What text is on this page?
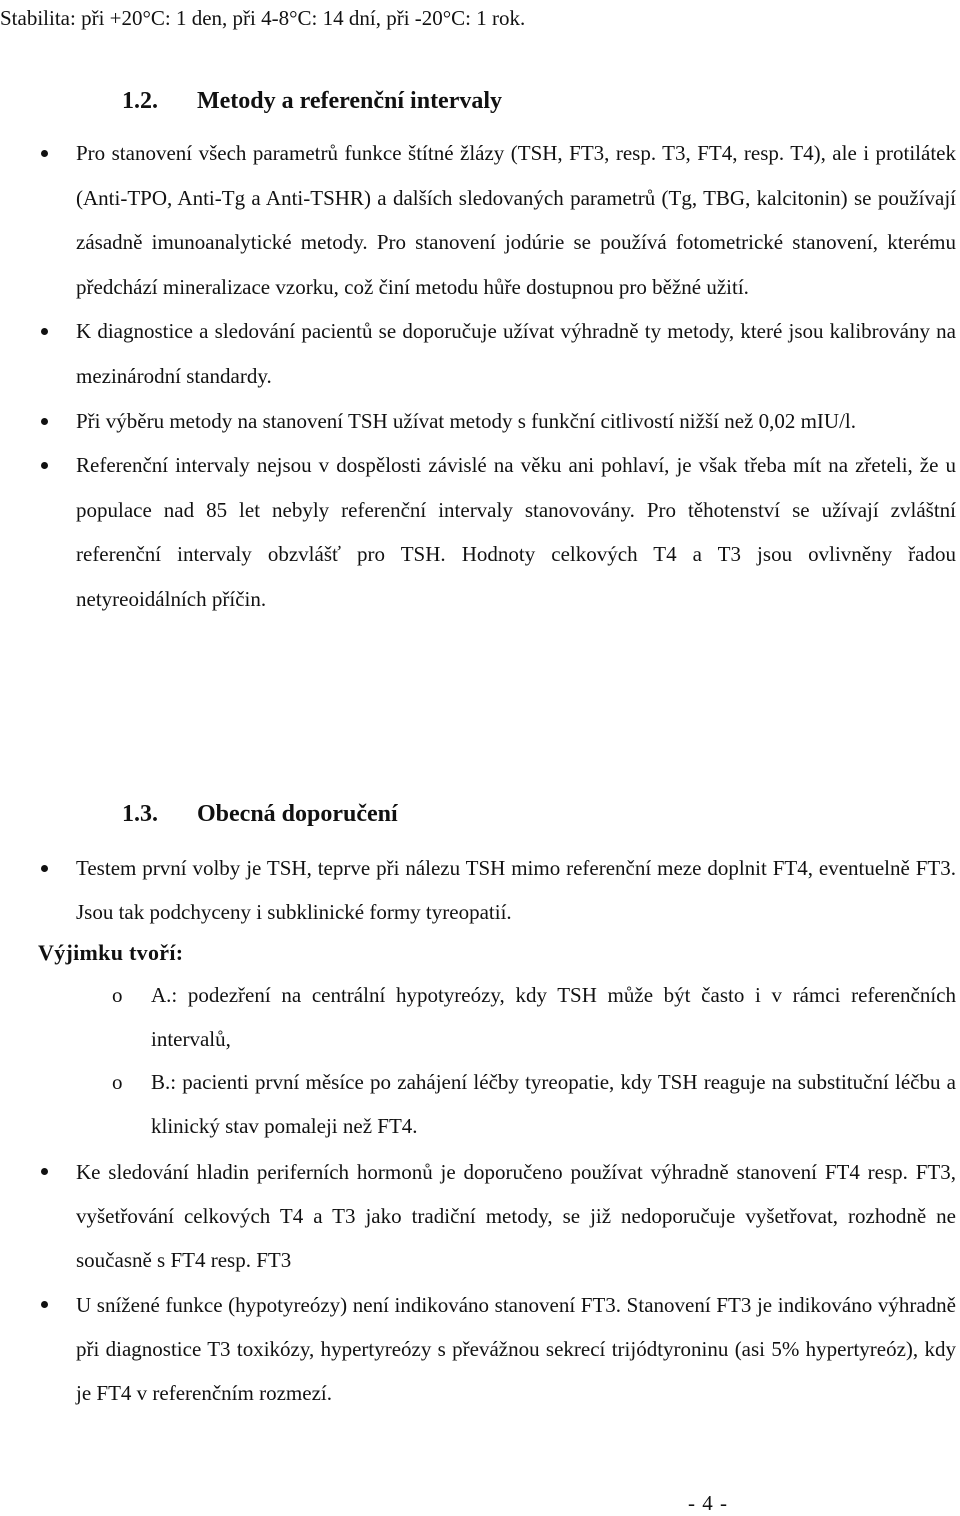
Stabilita: při +20°C: 1 den, při 4-8°C: 14 dní, při -20°C: 1 rok.

1.2. Metody a referenční intervaly

Pro stanovení všech parametrů funkce štítné žlázy (TSH, FT3, resp. T3, FT4, resp. T4), ale i protilátek (Anti-TPO, Anti-Tg a Anti-TSHR) a dalších sledovaných parametrů (Tg, TBG, kalcitonin) se používají zásadně imunoanalytické metody. Pro stanovení jodúrie se používá fotometrické stanovení, kterému předchází mineralizace vzorku, což činí metodu hůře dostupnou pro běžné užití.

K diagnostice a sledování pacientů se doporučuje užívat výhradně ty metody, které jsou kalibrovány na mezinárodní standardy.

Při výběru metody na stanovení TSH užívat metody s funkční citlivostí nižší než 0,02 mIU/l.

Referenční intervaly nejsou v dospělosti závislé na věku ani pohlaví, je však třeba mít na zřeteli, že u populace nad 85 let nebyly referenční intervaly stanovovány. Pro těhotenství se užívají zvláštní referenční intervaly obzvlášť pro TSH. Hodnoty celkových T4 a T3 jsou ovlivněny řadou netyreoidálních příčin.

1.3. Obecná doporučení

Testem první volby je TSH, teprve při nálezu TSH mimo referenční meze doplnit FT4, eventuelně FT3. Jsou tak podchyceny i subklinické formy tyreopatií.

Výjimku tvoří:

o A.: podezření na centrální hypotyreózy, kdy TSH může být často i v rámci referenčních intervalů,

o B.: pacienti první měsíce po zahájení léčby tyreopatie, kdy TSH reaguje na substituční léčbu a klinický stav pomaleji než FT4.

Ke sledování hladin periferních hormonů je doporučeno používat výhradně stanovení FT4 resp. FT3, vyšetřování celkových T4 a T3 jako tradiční metody, se již nedoporučuje vyšetřovat, rozhodně ne současně s FT4 resp. FT3

U snížené funkce (hypotyreózy) není indikováno stanovení FT3. Stanovení FT3 je indikováno výhradně při diagnostice T3 toxikózy, hypertyreózy s převážnou sekrecí trijódtyroninu (asi 5% hypertyreóz), kdy je FT4 v referenčním rozmezí.

- 4 -
